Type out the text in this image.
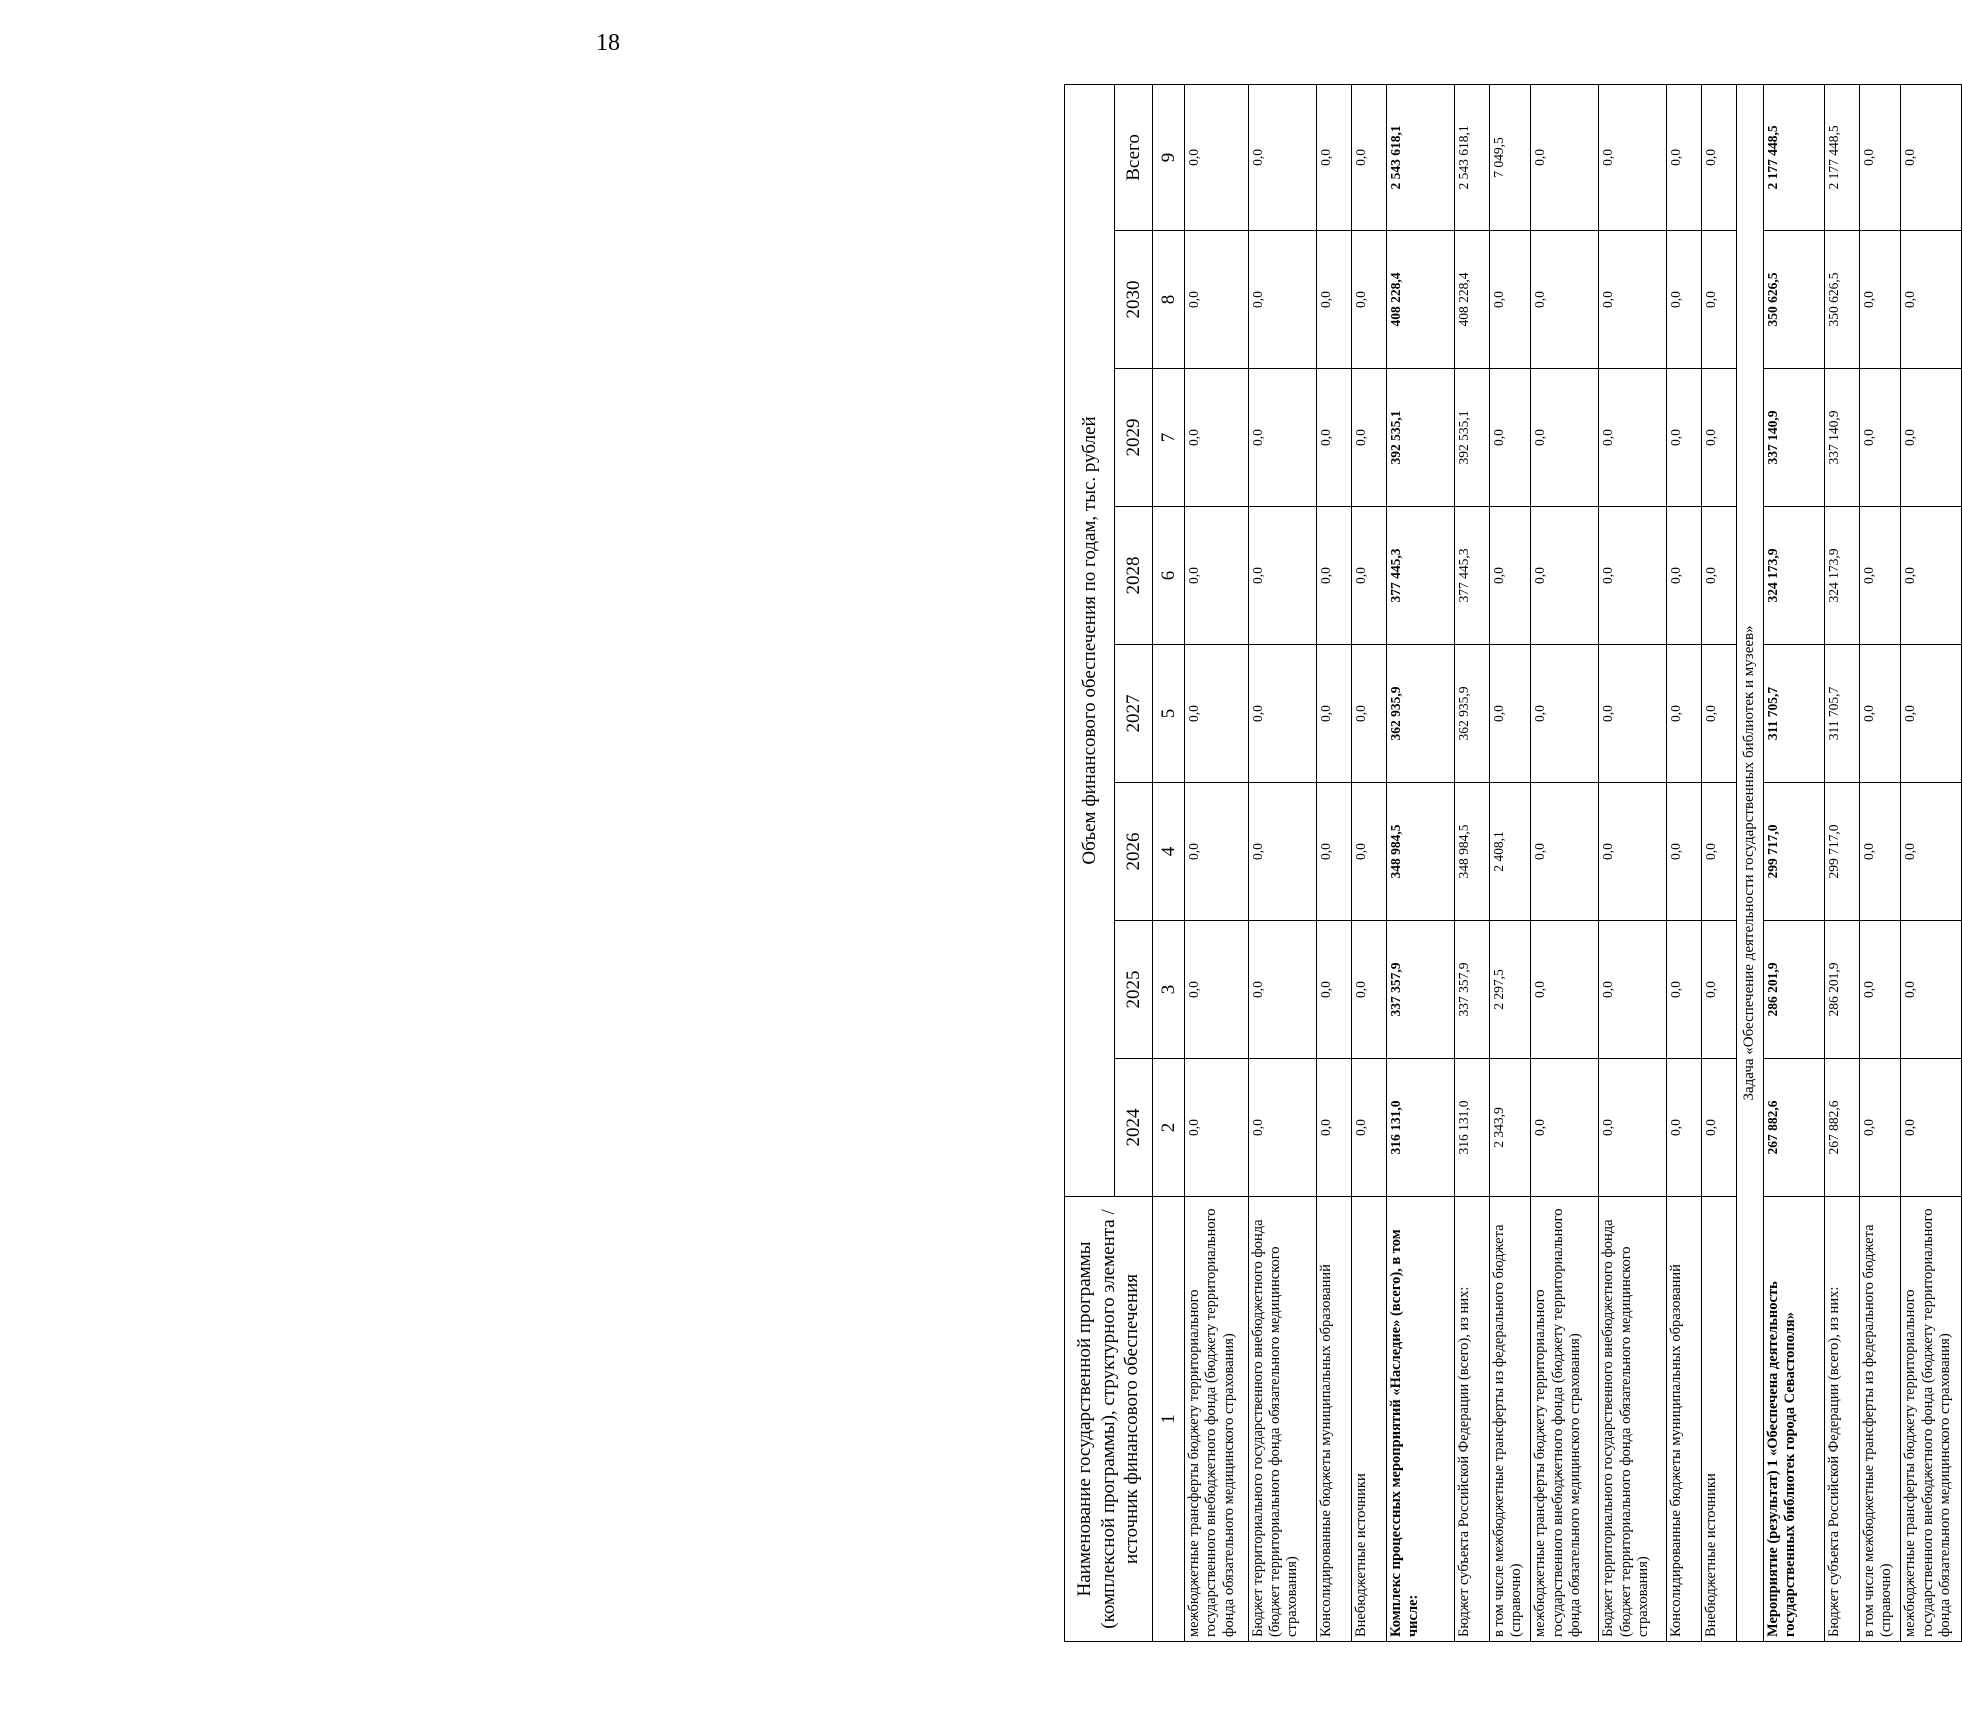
18
Наименование государственной программы (комплексной программы), структурного элемента / источник финансового обеспечения	Объем финансового обеспечения по годам, тыс. рублей							
	2024	2025	2026	2027	2028	2029	2030	Всего
1	2	3	4	5	6	7	8	9
межбюджетные трансферты бюджету территориального государственного внебюджетного фонда (бюджету территориального фонда обязательного медицинского страхования)	0,0	0,0	0,0	0,0	0,0	0,0	0,0	0,0
Бюджет территориального государственного внебюджетного фонда (бюджет территориального фонда обязательного медицинского страхования)	0,0	0,0	0,0	0,0	0,0	0,0	0,0	0,0
Консолидированные бюджеты муниципальных образований	0,0	0,0	0,0	0,0	0,0	0,0	0,0	0,0
Внебюджетные источники	0,0	0,0	0,0	0,0	0,0	0,0	0,0	0,0
Комплекс процессных мероприятий «Наследие» (всего), в том числе:	316 131,0	337 357,9	348 984,5	362 935,9	377 445,3	392 535,1	408 228,4	2 543 618,1
Бюджет субъекта Российской Федерации (всего), из них:	316 131,0	337 357,9	348 984,5	362 935,9	377 445,3	392 535,1	408 228,4	2 543 618,1
в том числе межбюджетные трансферты из федерального бюджета (справочно)	2 343,9	2 297,5	2 408,1	0,0	0,0	0,0	0,0	7 049,5
межбюджетные трансферты бюджету территориального государственного внебюджетного фонда (бюджету территориального фонда обязательного медицинского страхования)	0,0	0,0	0,0	0,0	0,0	0,0	0,0	0,0
Бюджет территориального государственного внебюджетного фонда (бюджет территориального фонда обязательного медицинского страхования)	0,0	0,0	0,0	0,0	0,0	0,0	0,0	0,0
Консолидированные бюджеты муниципальных образований	0,0	0,0	0,0	0,0	0,0	0,0	0,0	0,0
Внебюджетные источники	0,0	0,0	0,0	0,0	0,0	0,0	0,0	0,0
Задача «Обеспечение деятельности государственных библиотек и музеев»								
Мероприятие (результат) 1 «Обеспечена деятельность государственных библиотек города Севастополя»	267 882,6	286 201,9	299 717,0	311 705,7	324 173,9	337 140,9	350 626,5	2 177 448,5
Бюджет субъекта Российской Федерации (всего), из них:	267 882,6	286 201,9	299 717,0	311 705,7	324 173,9	337 140,9	350 626,5	2 177 448,5
в том числе межбюджетные трансферты из федерального бюджета (справочно)	0,0	0,0	0,0	0,0	0,0	0,0	0,0	0,0
межбюджетные трансферты бюджету территориального государственного внебюджетного фонда (бюджету территориального фонда обязательного медицинского страхования)	0,0	0,0	0,0	0,0	0,0	0,0	0,0	0,0
